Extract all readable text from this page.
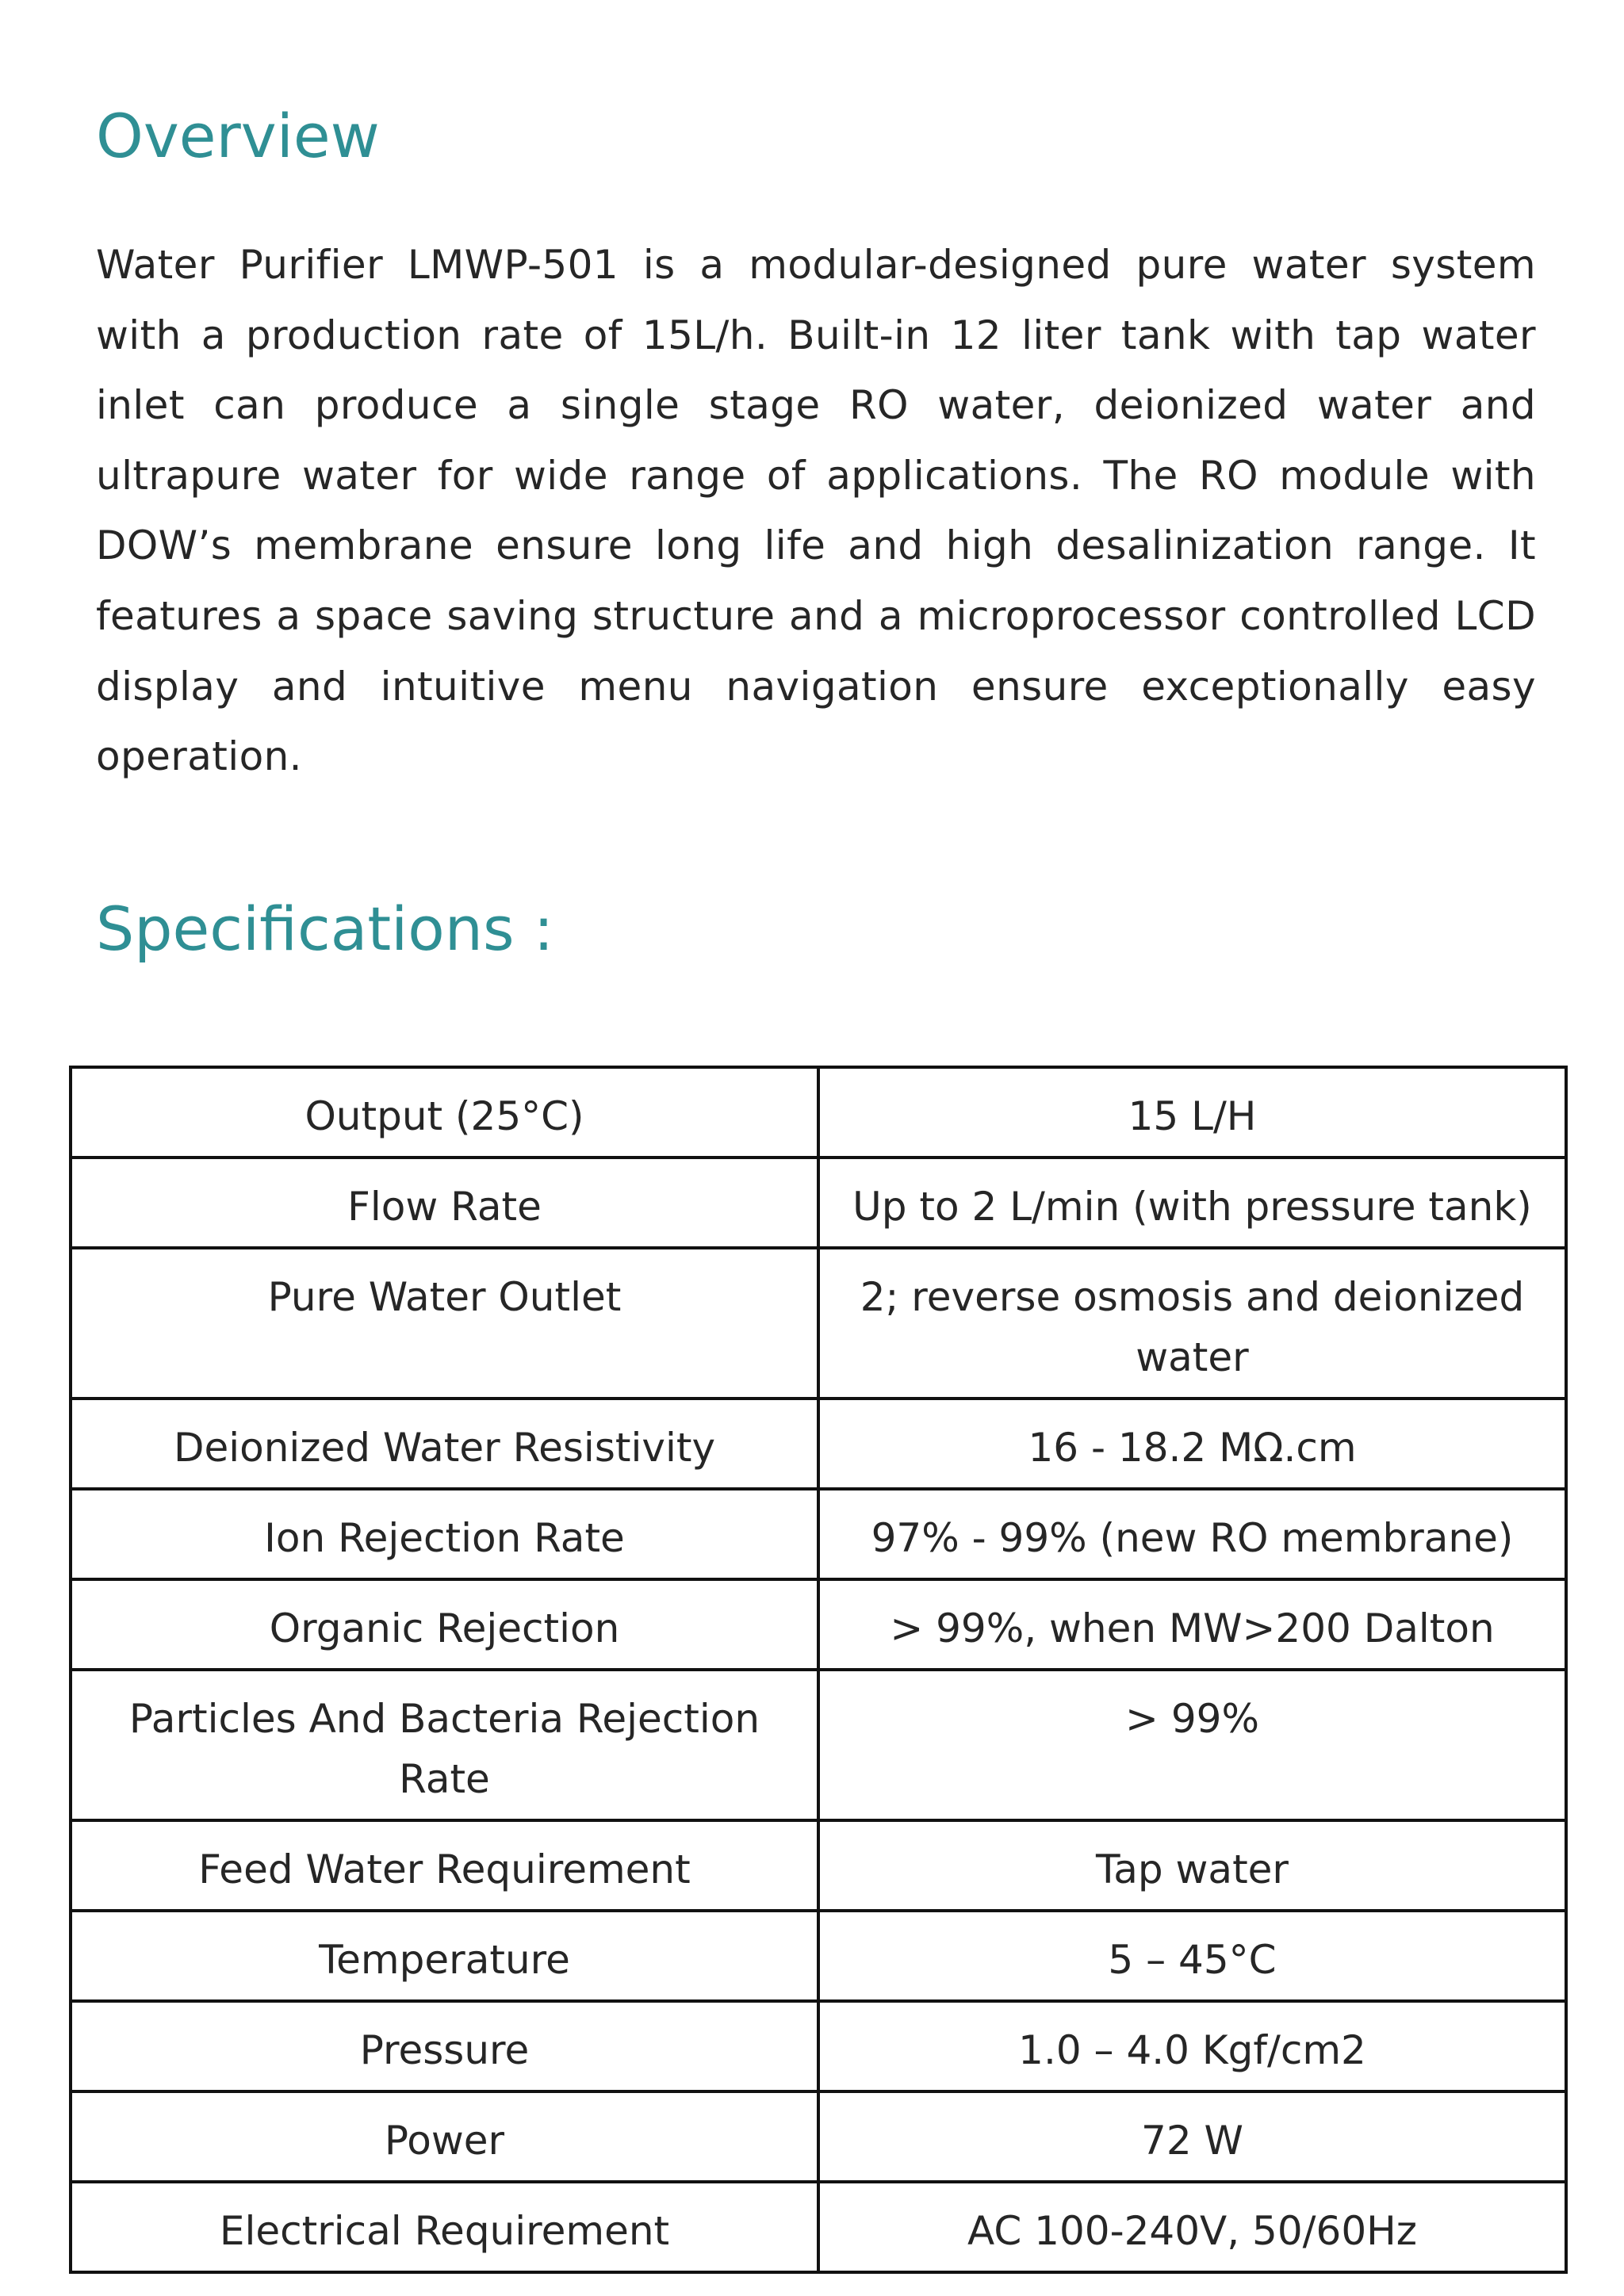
Overview

Water Purifier LMWP-501 is a modular-designed pure water system with a production rate of 15L/h. Built-in 12 liter tank with tap water inlet can produce a single stage RO water, deionized water and ultrapure water for wide range of applications. The RO module with DOW’s membrane ensure long life and high desalinization range. It features a space saving structure and a microprocessor controlled LCD display and intuitive menu navigation ensure exceptionally easy operation.

Specifications :
Output (25°C)	15 L/H
Flow Rate	Up to 2 L/min (with pressure tank)
Pure Water Outlet	2; reverse osmosis and deionized water
Deionized Water Resistivity	16 - 18.2 MΩ.cm
Ion Rejection Rate	97% - 99% (new RO membrane)
Organic Rejection	> 99%, when MW>200 Dalton
Particles And Bacteria Rejection Rate	> 99%
Feed Water Requirement	Tap water
Temperature	5 – 45°C
Pressure	1.0 – 4.0 Kgf/cm2
Power	72 W
Electrical Requirement	AC 100-240V, 50/60Hz
